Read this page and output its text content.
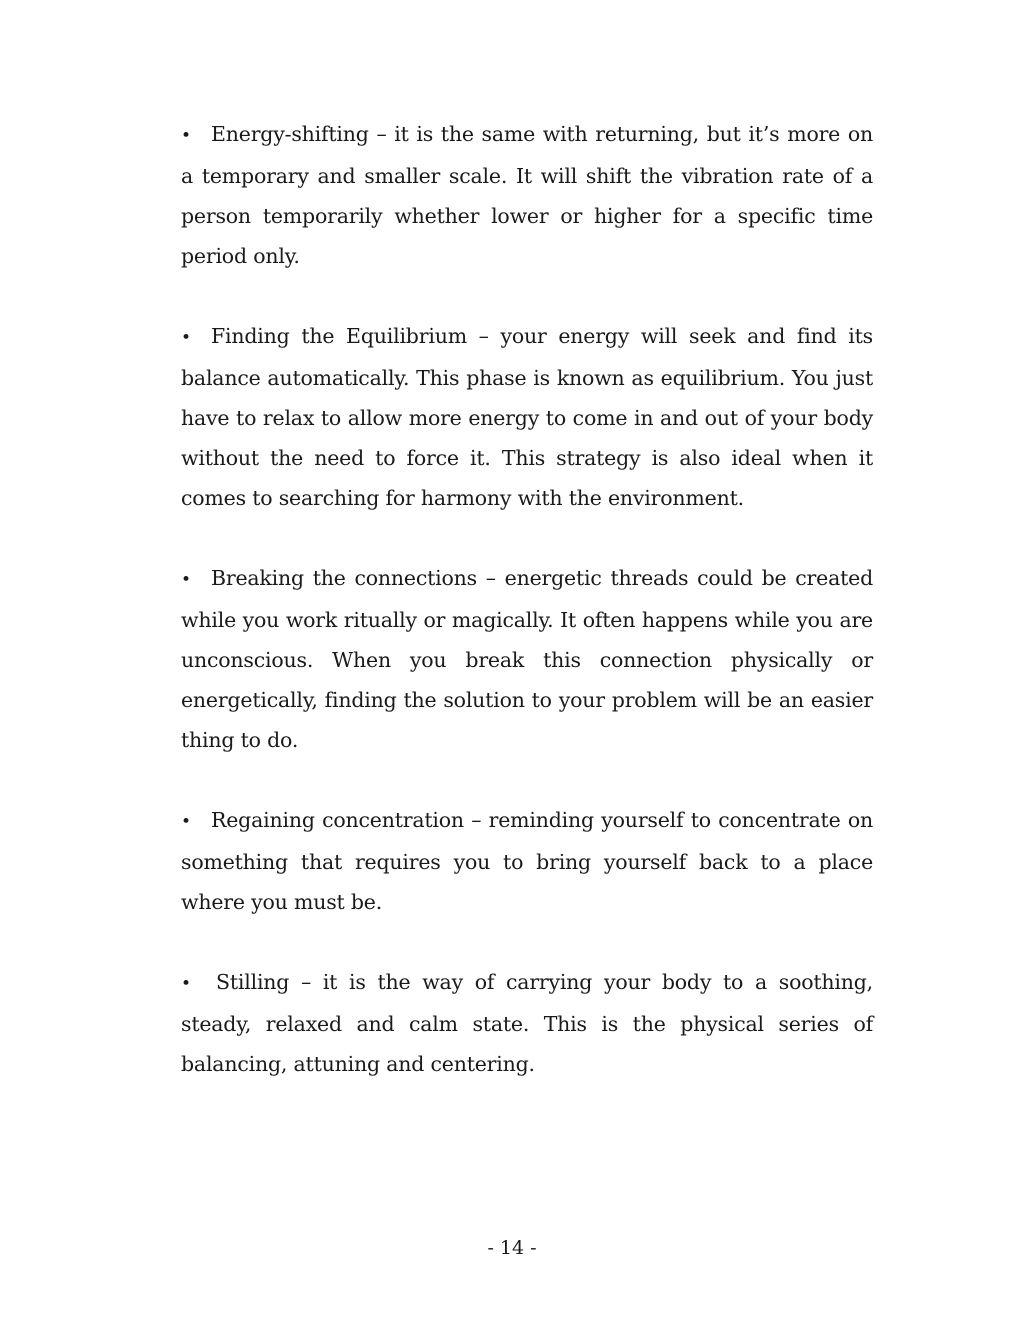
• Energy-shifting – it is the same with returning, but it’s more on a temporary and smaller scale. It will shift the vibration rate of a person temporarily whether lower or higher for a specific time period only.

• Finding the Equilibrium – your energy will seek and find its balance automatically. This phase is known as equilibrium. You just have to relax to allow more energy to come in and out of your body without the need to force it. This strategy is also ideal when it comes to searching for harmony with the environment.

• Breaking the connections – energetic threads could be created while you work ritually or magically. It often happens while you are unconscious. When you break this connection physically or energetically, finding the solution to your problem will be an easier thing to do.

• Regaining concentration – reminding yourself to concentrate on something that requires you to bring yourself back to a place where you must be.

• Stilling – it is the way of carrying your body to a soothing, steady, relaxed and calm state. This is the physical series of balancing, attuning and centering.

- 14 -
